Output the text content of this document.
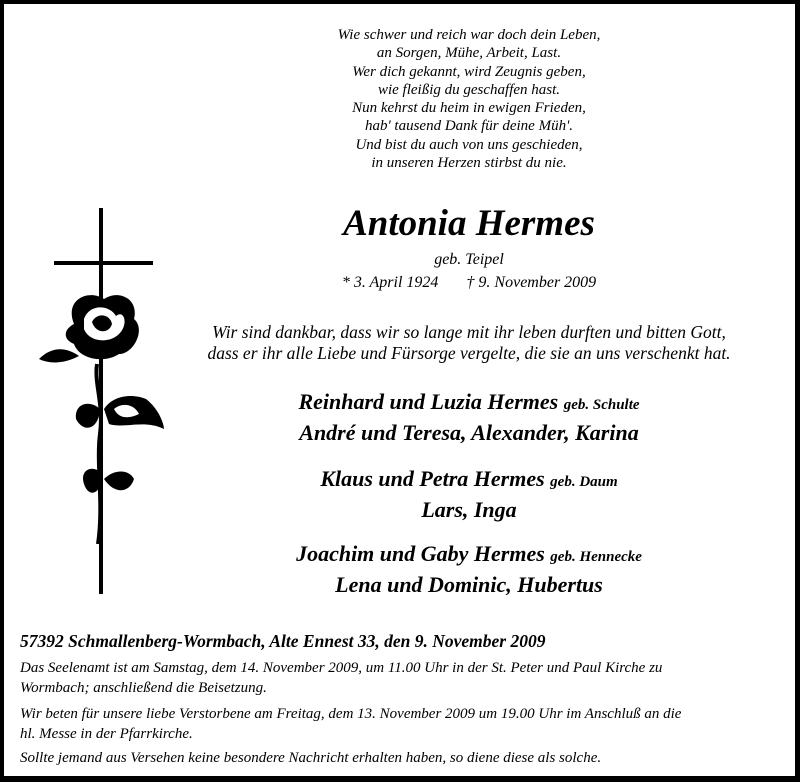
Wie schwer und reich war doch dein Leben,
an Sorgen, Mühe, Arbeit, Last.
Wer dich gekannt, wird Zeugnis geben,
wie fleißig du geschaffen hast.
Nun kehrst du heim in ewigen Frieden,
hab' tausend Dank für deine Müh'.
Und bist du auch von uns geschieden,
in unseren Herzen stirbst du nie.
Antonia Hermes
geb. Teipel
* 3. April 1924 † 9. November 2009
Wir sind dankbar, dass wir so lange mit ihr leben durften und bitten Gott,
dass er ihr alle Liebe und Fürsorge vergelte, die sie an uns verschenkt hat.
Reinhard und Luzia Hermes geb. Schulte
André und Teresa, Alexander, Karina
Klaus und Petra Hermes geb. Daum
Lars, Inga
Joachim und Gaby Hermes geb. Hennecke
Lena und Dominic, Hubertus
57392 Schmallenberg-Wormbach, Alte Ennest 33, den 9. November 2009
Das Seelenamt ist am Samstag, dem 14. November 2009, um 11.00 Uhr in der St. Peter und Paul Kirche zu
Wormbach; anschließend die Beisetzung.
Wir beten für unsere liebe Verstorbene am Freitag, dem 13. November 2009 um 19.00 Uhr im Anschluß an die
hl. Messe in der Pfarrkirche.
Sollte jemand aus Versehen keine besondere Nachricht erhalten haben, so diene diese als solche.
